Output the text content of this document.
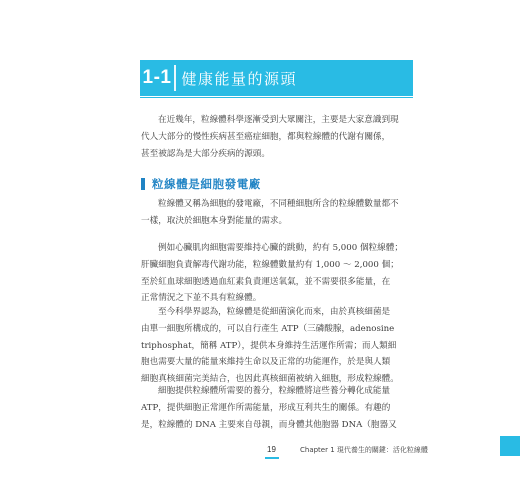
1-1 健康能量的源頭

在近幾年，粒線體科學逐漸受到大眾關注，主要是大家意識到現
代人大部分的慢性疾病甚至癌症細胞，都與粒線體的代謝有關係，
甚至被認為是大部分疾病的源頭。

粒線體是細胞發電廠

粒線體又稱為細胞的發電廠，不同種細胞所含的粒線體數量都不
一樣，取決於細胞本身對能量的需求。

例如心臟肌肉細胞需要維持心臟的跳動，約有 5,000 個粒線體；
肝臟細胞負責解毒代謝功能，粒線體數量約有 1,000 ～ 2,000 個；
至於紅血球細胞透過血紅素負責運送氧氣，並不需要很多能量，在
正常情況之下並不具有粒線體。

至今科學界認為，粒線體是從細菌演化而來，由於真核細菌是
由單一細胞所構成的，可以自行產生 ATP（三磷酸腺，adenosine
triphosphat，簡稱 ATP），提供本身維持生活運作所需；而人類細
胞也需要大量的能量來維持生命以及正常的功能運作，於是與人類
細胞真核細菌完美結合，也因此真核細菌被納入細胞，形成粒線體。

細胞提供粒線體所需要的養分，粒線體將這些養分轉化成能量
ATP，提供細胞正常運作所需能量，形成互利共生的關係。有趣的
是，粒線體的 DNA 主要來自母親，而身體其他胞器 DNA（胞器又

19	Chapter 1 現代養生的關鍵：活化粒線體
